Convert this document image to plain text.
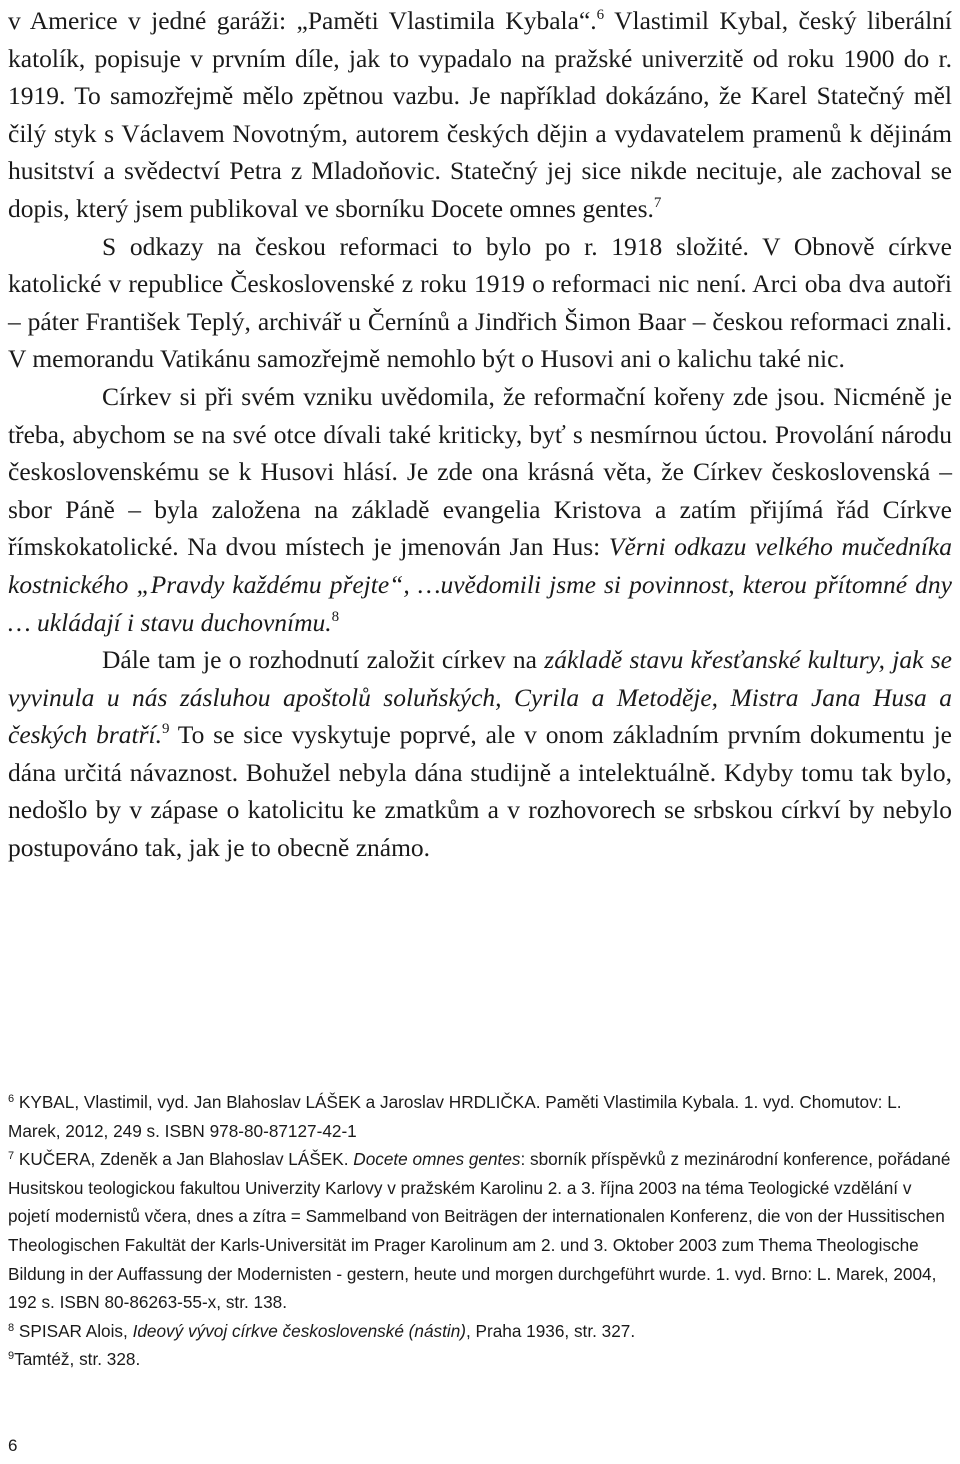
v Americe v jedné garáži: „Paměti Vlastimila Kybala“.$^6$ Vlastimil Kybal, český liberální katolík, popisuje v prvním díle, jak to vypadalo na pražské univerzitě od roku 1900 do r. 1919. To samozřejmě mělo zpětnou vazbu. Je například dokázáno, že Karel Statečný měl čilý styk s Václavem Novotným, autorem českých dějin a vydavatelem pramenů k dějinám husitství a svědectví Petra z Mladoňovic. Statečný jej sice nikde necituje, ale zachoval se dopis, který jsem publikoval ve sborníku Docete omnes gentes.$^7$

S odkazy na českou reformaci to bylo po r. 1918 složité. V Obnově církve katolické v republice Československé z roku 1919 o reformaci nic není. Arci oba dva autoři – páter František Teplý, archivář u Černínů a Jindřich Šimon Baar – českou reformaci znali. V memorandu Vatikánu samozřejmě nemohlo být o Husovi ani o kalichu také nic.

Církev si při svém vzniku uvědomila, že reformační kořeny zde jsou. Nicméně je třeba, abychom se na své otce dívali také kriticky, byť s nesmírnou úctou. Provolání národu československému se k Husovi hlásí. Je zde ona krásná věta, že Církev československá – sbor Páně – byla založena na základě evangelia Kristova a zatím přijímá řád Církve římskokatolické. Na dvou místech je jmenován Jan Hus: Věrni odkazu velkého mučedníka kostnického „Pravdy každému přejte“, …uvědomili jsme si povinnost, kterou přítomné dny … ukládají i stavu duchovnímu.$^8$

Dále tam je o rozhodnutí založit církev na základě stavu křesťanské kultury, jak se vyvinula u nás zásluhou apoštolů soluňských, Cyrila a Metoděje, Mistra Jana Husa a českých bratří.$^9$ To se sice vyskytuje poprvé, ale v onom základním prvním dokumentu je dána určitá návaznost. Bohužel nebyla dána studijně a intelektuálně. Kdyby tomu tak bylo, nedošlo by v zápase o katolicitu ke zmatkům a v rozhovorech se srbskou církví by nebylo postupováno tak, jak je to obecně známo.

$^6$ KYBAL, Vlastimil, vyd. Jan Blahoslav LÁŠEK a Jaroslav HRDLIČKA. Paměti Vlastimila Kybala. 1. vyd. Chomutov: L. Marek, 2012, 249 s. ISBN 978-80-87127-42-1

$^7$ KUČERA, Zdeněk a Jan Blahoslav LÁŠEK. Docete omnes gentes: sborník příspěvků z mezinárodní konference, pořádané Husitskou teologickou fakultou Univerzity Karlovy v pražském Karolinu 2. a 3. října 2003 na téma Teologické vzdělání v pojetí modernistů včera, dnes a zítra = Sammelband von Beiträgen der internationalen Konferenz, die von der Hussitischen Theologischen Fakultät der Karls-Universität im Prager Karolinum am 2. und 3. Oktober 2003 zum Thema Theologische Bildung in der Auffassung der Modernisten - gestern, heute und morgen durchgeführt wurde. 1. vyd. Brno: L. Marek, 2004, 192 s. ISBN 80-86263-55-x, str. 138.

$^8$ SPISAR Alois, Ideový vývoj církve československé (nástin), Praha 1936, str. 327.

$^9$Tamtéž, str. 328.

6
